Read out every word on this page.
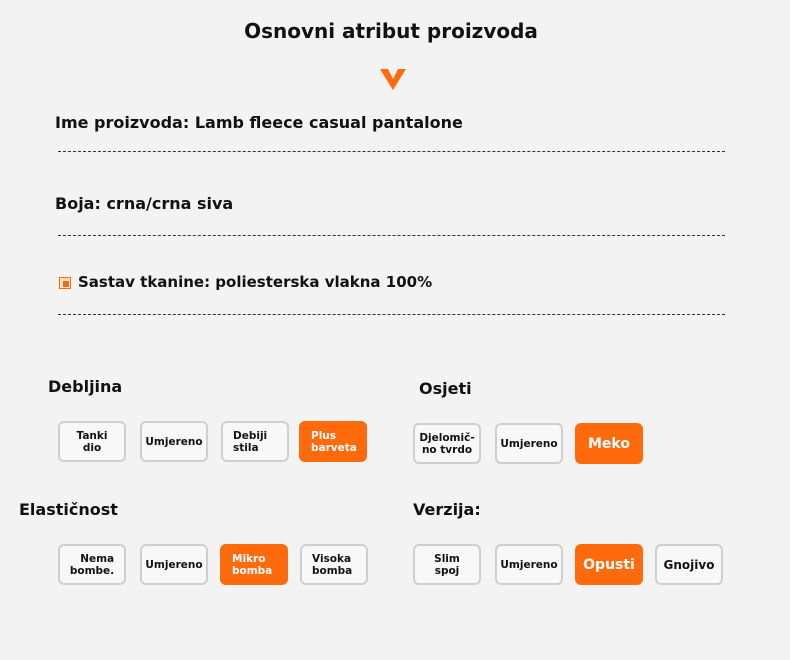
Osnovni atribut proizvoda
Ime proizvoda: Lamb fleece casual pantalone
Boja: crna/crna siva
Sastav tkanine: poliesterska vlakna 100%
Debljina
Tanki dio	Umjereno	Debiji
stila
Plus
barveta
Osjeti
Djelomič-
no tvrdo	Umjereno	Meko
Elastičnost
Nema
bombe.	Umjereno	Mikro
bomba
Visoka
bomba
Verzija:
Slim spoj	Umjereno	Opusti	Gnojivo
